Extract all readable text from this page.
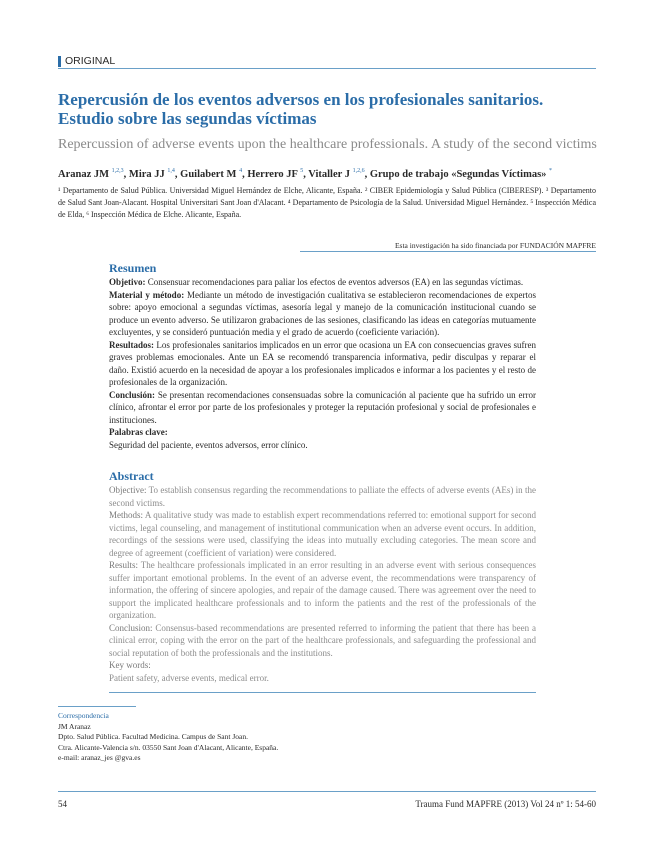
ORIGINAL
Repercusión de los eventos adversos en los profesionales sanitarios. Estudio sobre las segundas víctimas
Repercussion of adverse events upon the healthcare professionals. A study of the second victims
Aranaz JM $^{1,2,3}$, Mira JJ $^{1,4}$, Guilabert M $^4$, Herrero JF $^5$, Vitaller J $^{1,2,6}$, Grupo de trabajo «Segundas Víctimas» *
¹ Departamento de Salud Pública. Universidad Miguel Hernández de Elche, Alicante, España. ² CIBER Epidemiología y Salud Pública (CIBERESP). ³ Departamento de Salud Sant Joan-Alacant. Hospital Universitari Sant Joan d'Alacant. ⁴ Departamento de Psicología de la Salud. Universidad Miguel Hernández. ⁵ Inspección Médica de Elda, ⁶ Inspección Médica de Elche. Alicante, España.
Esta investigación ha sido financiada por FUNDACIÓN MAPFRE
Resumen
Objetivo: Consensuar recomendaciones para paliar los efectos de eventos adversos (EA) en las segundas víctimas.
Material y método: Mediante un método de investigación cualitativa se establecieron recomendaciones de expertos sobre: apoyo emocional a segundas víctimas, asesoría legal y manejo de la comunicación institucional cuando se produce un evento adverso. Se utilizaron grabaciones de las sesiones, clasificando las ideas en categorías mutuamente excluyentes, y se consideró puntuación media y el grado de acuerdo (coeficiente variación).
Resultados: Los profesionales sanitarios implicados en un error que ocasiona un EA con consecuencias graves sufren graves problemas emocionales. Ante un EA se recomendó transparencia informativa, pedir disculpas y reparar el daño. Existió acuerdo en la necesidad de apoyar a los profesionales implicados e informar a los pacientes y el resto de profesionales de la organización.
Conclusión: Se presentan recomendaciones consensuadas sobre la comunicación al paciente que ha sufrido un error clínico, afrontar el error por parte de los profesionales y proteger la reputación profesional y social de profesionales e instituciones.
Palabras clave:
Seguridad del paciente, eventos adversos, error clínico.
Abstract
Objective: To establish consensus regarding the recommendations to palliate the effects of adverse events (AEs) in the second victims.
Methods: A qualitative study was made to establish expert recommendations referred to: emotional support for second victims, legal counseling, and management of institutional communication when an adverse event occurs. In addition, recordings of the sessions were used, classifying the ideas into mutually excluding categories. The mean score and degree of agreement (coefficient of variation) were considered.
Results: The healthcare professionals implicated in an error resulting in an adverse event with serious consequences suffer important emotional problems. In the event of an adverse event, the recommendations were transparency of information, the offering of sincere apologies, and repair of the damage caused. There was agreement over the need to support the implicated healthcare professionals and to inform the patients and the rest of the professionals of the organization.
Conclusion: Consensus-based recommendations are presented referred to informing the patient that there has been a clinical error, coping with the error on the part of the healthcare professionals, and safeguarding the professional and social reputation of both the professionals and the institutions.
Key words:
Patient safety, adverse events, medical error.
Correspondencia
JM Aranaz
Dpto. Salud Pública. Facultad Medicina. Campus de Sant Joan.
Ctra. Alicante-Valencia s/n. 03550 Sant Joan d'Alacant, Alicante, España.
e-mail: aranaz_jes @gva.es
54	Trauma Fund MAPFRE (2013) Vol 24 nº 1: 54-60
